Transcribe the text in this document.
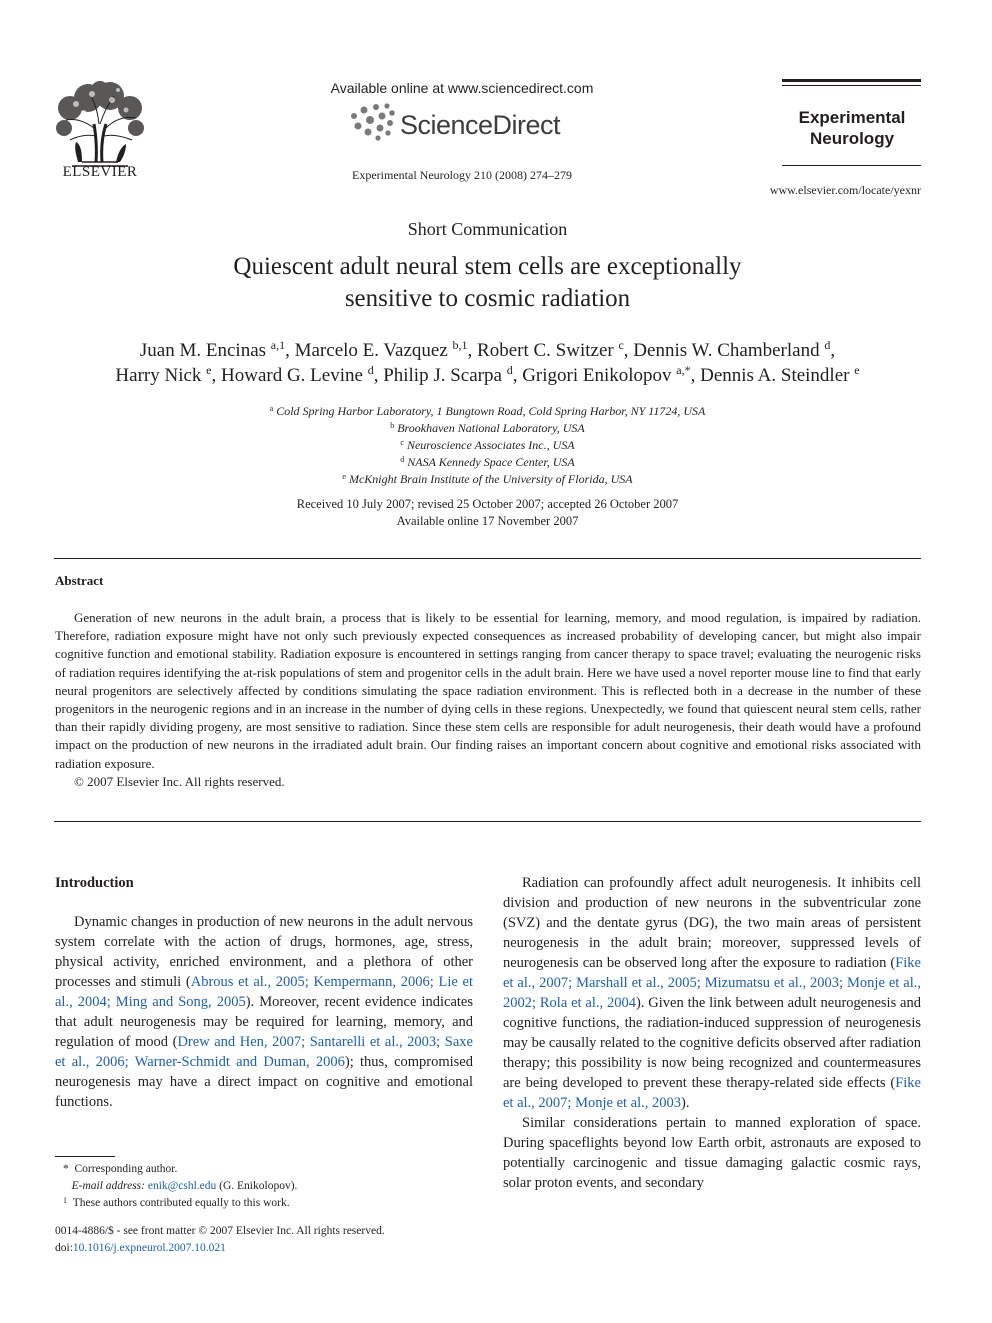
ELSEVIER
Available online at www.sciencedirect.com
ScienceDirect
Experimental Neurology 210 (2008) 274–279
Experimental
Neurology
www.elsevier.com/locate/yexnr
Short Communication
Quiescent adult neural stem cells are exceptionally
sensitive to cosmic radiation
Juan M. Encinas $^{a,1}$, Marcelo E. Vazquez $^{b,1}$, Robert C. Switzer $^c$, Dennis W. Chamberland $^d$,
Harry Nick $^e$, Howard G. Levine $^d$, Philip J. Scarpa $^d$, Grigori Enikolopov $^{a,*}$, Dennis A. Steindler $^e$
$^a$ Cold Spring Harbor Laboratory, 1 Bungtown Road, Cold Spring Harbor, NY 11724, USA
$^b$ Brookhaven National Laboratory, USA
$^c$ Neuroscience Associates Inc., USA
$^d$ NASA Kennedy Space Center, USA
$^e$ McKnight Brain Institute of the University of Florida, USA
Received 10 July 2007; revised 25 October 2007; accepted 26 October 2007
Available online 17 November 2007
Abstract

Generation of new neurons in the adult brain, a process that is likely to be essential for learning, memory, and mood regulation, is impaired by radiation. Therefore, radiation exposure might have not only such previously expected consequences as increased probability of developing cancer, but might also impair cognitive function and emotional stability. Radiation exposure is encountered in settings ranging from cancer therapy to space travel; evaluating the neurogenic risks of radiation requires identifying the at-risk populations of stem and progenitor cells in the adult brain. Here we have used a novel reporter mouse line to find that early neural progenitors are selectively affected by conditions simulating the space radiation environment. This is reflected both in a decrease in the number of these progenitors in the neurogenic regions and in an increase in the number of dying cells in these regions. Unexpectedly, we found that quiescent neural stem cells, rather than their rapidly dividing progeny, are most sensitive to radiation. Since these stem cells are responsible for adult neurogenesis, their death would have a profound impact on the production of new neurons in the irradiated adult brain. Our finding raises an important concern about cognitive and emotional risks associated with radiation exposure.

© 2007 Elsevier Inc. All rights reserved.

Introduction

Dynamic changes in production of new neurons in the adult nervous system correlate with the action of drugs, hormones, age, stress, physical activity, enriched environment, and a plethora of other processes and stimuli (Abrous et al., 2005; Kempermann, 2006; Lie et al., 2004; Ming and Song, 2005). Moreover, recent evidence indicates that adult neurogenesis may be required for learning, memory, and regulation of mood (Drew and Hen, 2007; Santarelli et al., 2003; Saxe et al., 2006; Warner-Schmidt and Duman, 2006); thus, compromised neurogenesis may have a direct impact on cognitive and emotional functions.

Radiation can profoundly affect adult neurogenesis. It inhibits cell division and production of new neurons in the subventricular zone (SVZ) and the dentate gyrus (DG), the two main areas of persistent neurogenesis in the adult brain; moreover, suppressed levels of neurogenesis can be observed long after the exposure to radiation (Fike et al., 2007; Marshall et al., 2005; Mizumatsu et al., 2003; Monje et al., 2002; Rola et al., 2004). Given the link between adult neurogenesis and cognitive functions, the radiation-induced suppression of neurogenesis may be causally related to the cognitive deficits observed after radiation therapy; this possibility is now being recognized and countermeasures are being developed to prevent these therapy-related side effects (Fike et al., 2007; Monje et al., 2003).

Similar considerations pertain to manned exploration of space. During spaceflights beyond low Earth orbit, astronauts are exposed to potentially carcinogenic and tissue damaging galactic cosmic rays, solar proton events, and secondary

* Corresponding author.
E-mail address: enik@cshl.edu (G. Enikolopov).
$^1$ These authors contributed equally to this work.
0014-4886/$ - see front matter © 2007 Elsevier Inc. All rights reserved.
doi:10.1016/j.expneurol.2007.10.021
